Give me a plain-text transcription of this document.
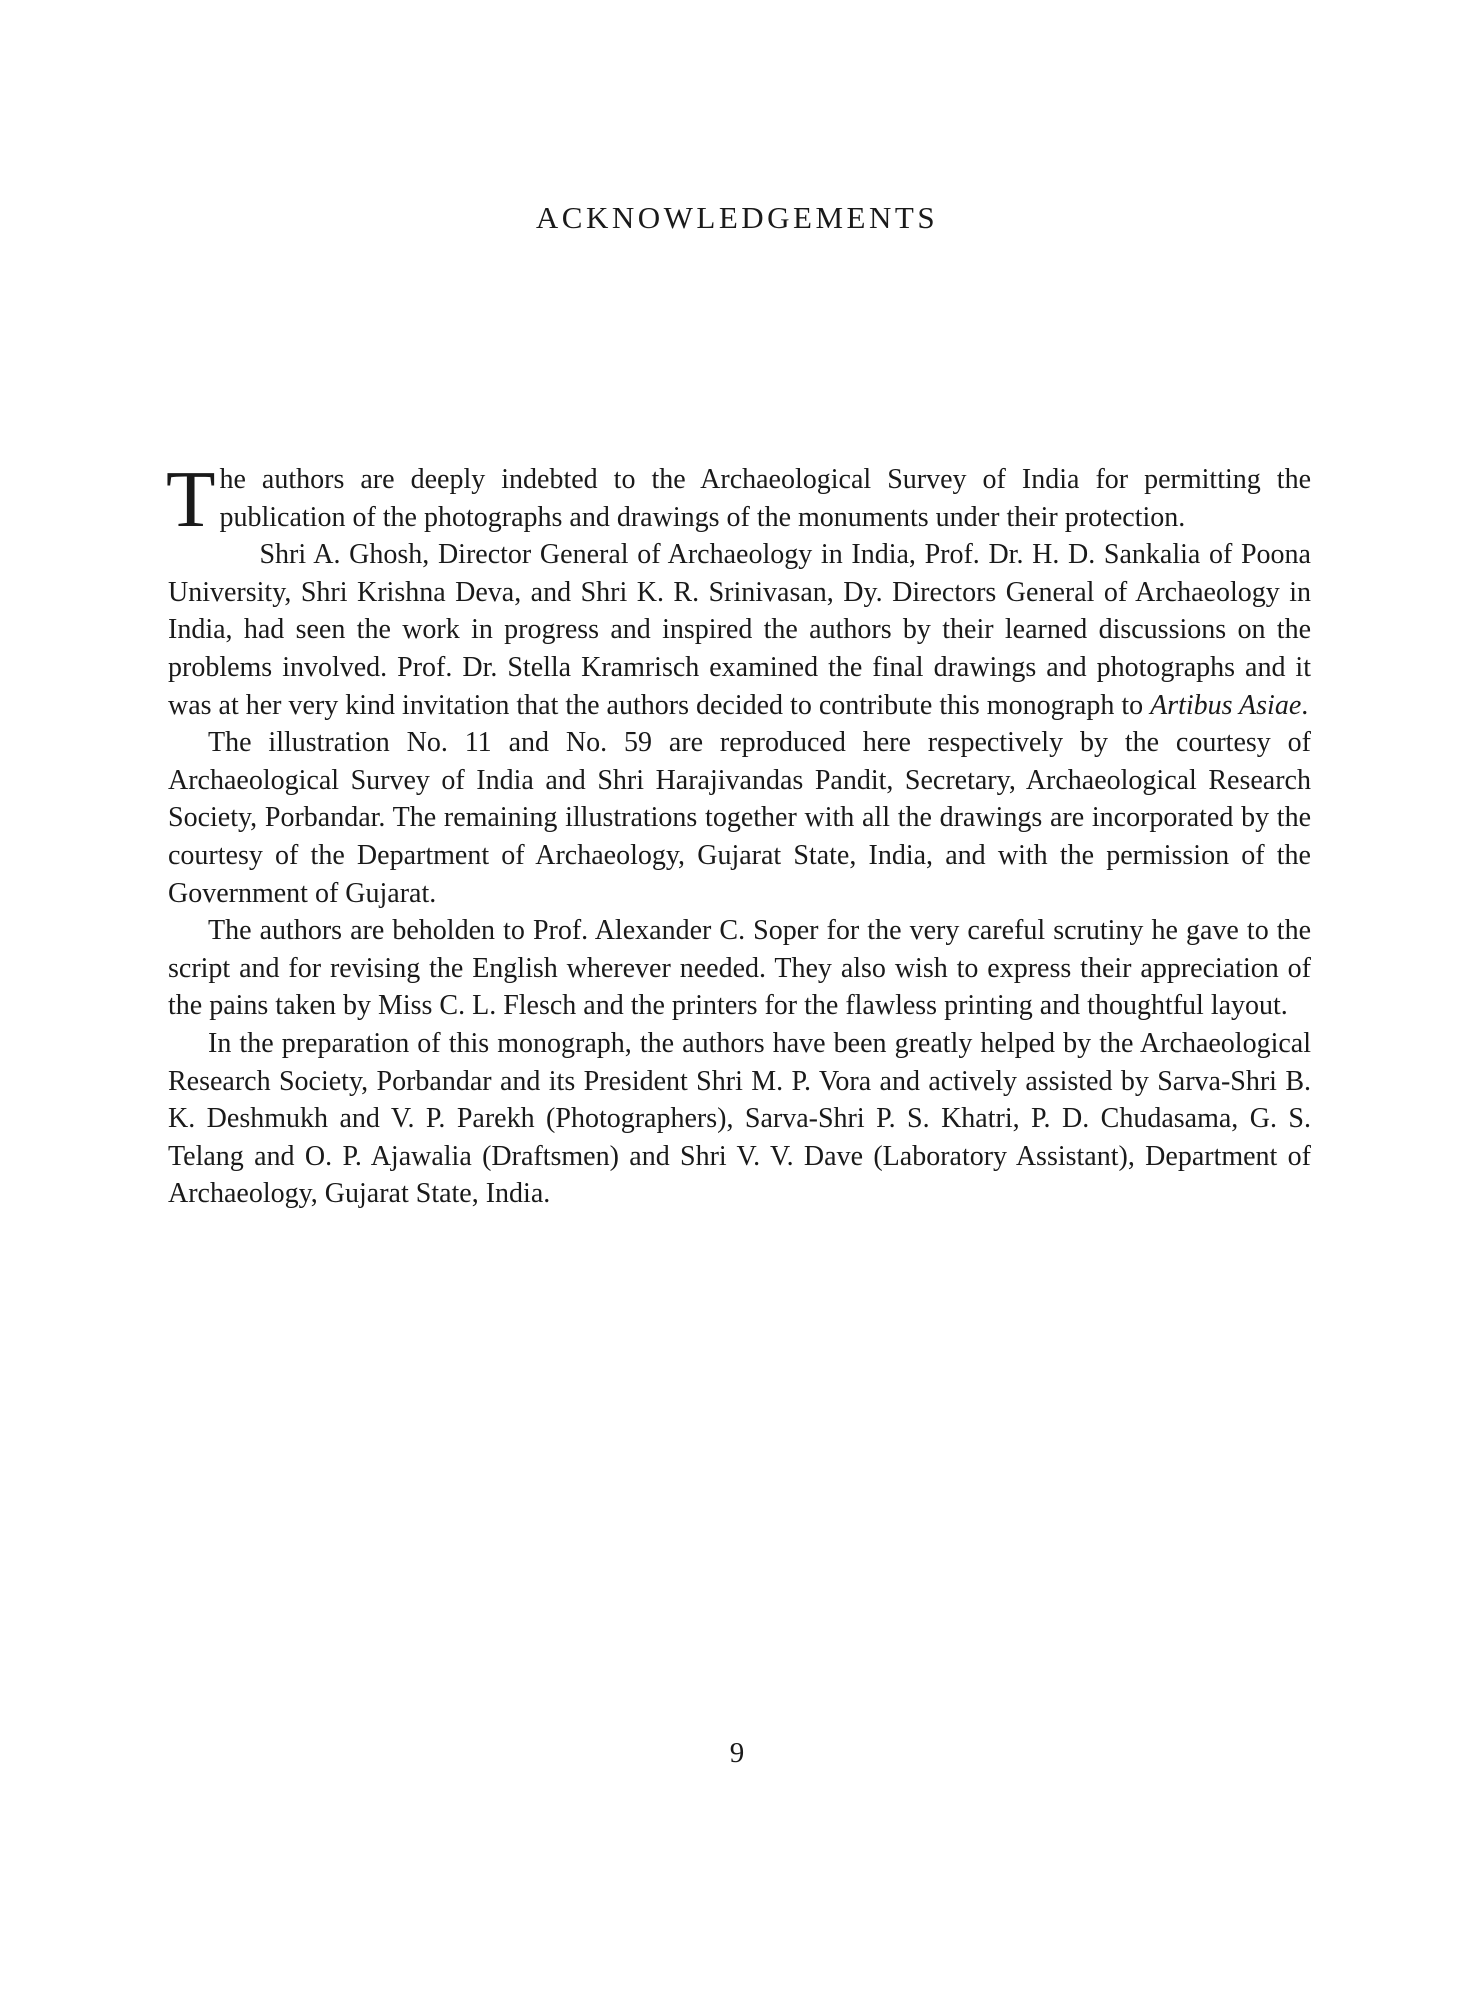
ACKNOWLEDGEMENTS

The authors are deeply indebted to the Archaeological Survey of India for permitting the publication of the photographs and drawings of the monuments under their protection.

Shri A. Ghosh, Director General of Archaeology in India, Prof. Dr. H. D. Sankalia of Poona University, Shri Krishna Deva, and Shri K. R. Srinivasan, Dy. Directors General of Archaeology in India, had seen the work in progress and inspired the authors by their learned discussions on the problems involved. Prof. Dr. Stella Kramrisch examined the final drawings and photographs and it was at her very kind invitation that the authors decided to contribute this monograph to Artibus Asiae.

The illustration No. 11 and No. 59 are reproduced here respectively by the courtesy of Archaeological Survey of India and Shri Harajivandas Pandit, Secretary, Archaeological Research Society, Porbandar. The remaining illustrations together with all the drawings are incorporated by the courtesy of the Department of Archaeology, Gujarat State, India, and with the permission of the Government of Gujarat.

The authors are beholden to Prof. Alexander C. Soper for the very careful scrutiny he gave to the script and for revising the English wherever needed. They also wish to express their appreciation of the pains taken by Miss C. L. Flesch and the printers for the flawless printing and thoughtful layout.

In the preparation of this monograph, the authors have been greatly helped by the Archaeological Research Society, Porbandar and its President Shri M. P. Vora and actively assisted by Sarva-Shri B. K. Deshmukh and V. P. Parekh (Photographers), Sarva-Shri P. S. Khatri, P. D. Chudasama, G. S. Telang and O. P. Ajawalia (Draftsmen) and Shri V. V. Dave (Laboratory Assistant), Department of Archaeology, Gujarat State, India.

9
